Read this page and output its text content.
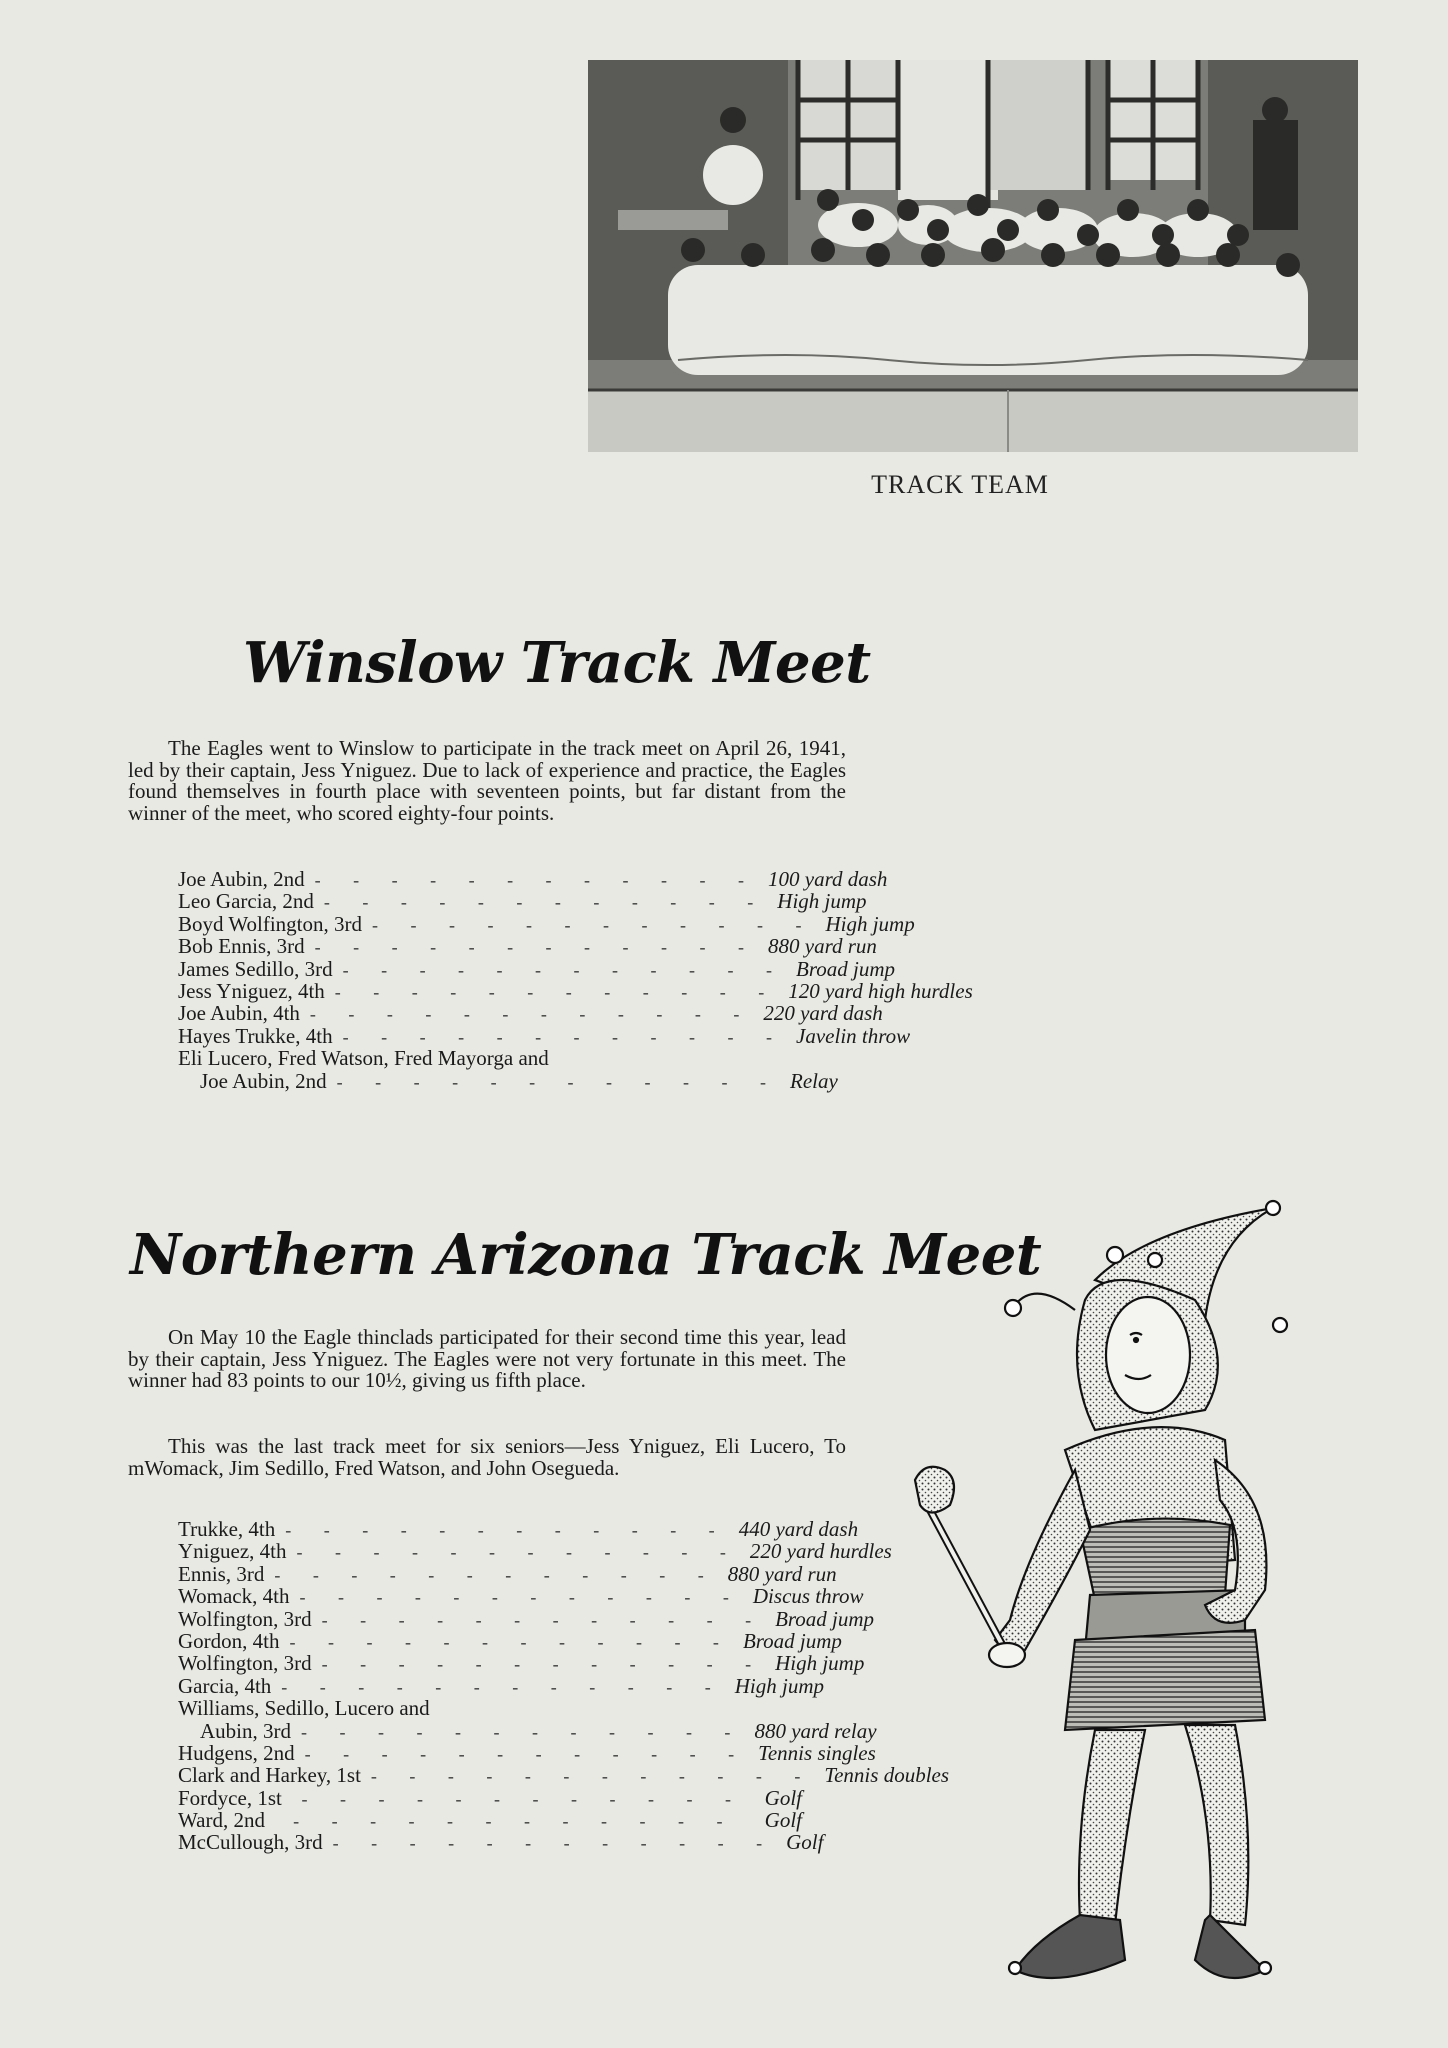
TRACK TEAM
Winslow Track Meet

The Eagles went to Winslow to participate in the track meet on April 26, 1941, led by their captain, Jess Yniguez. Due to lack of experience and practice, the Eagles found themselves in fourth place with seventeen points, but far distant from the winner of the meet, who scored eighty-four points.

Joe Aubin, 2nd - - - - - - - - - - - - 100 yard dash
Leo Garcia, 2nd - - - - - - - - - - - - High jump
Boyd Wolfington, 3rd - - - - - - - - - - - - High jump
Bob Ennis, 3rd - - - - - - - - - - - - 880 yard run
James Sedillo, 3rd - - - - - - - - - - - - Broad jump
Jess Yniguez, 4th - - - - - - - - - - - - 120 yard high hurdles
Joe Aubin, 4th - - - - - - - - - - - - 220 yard dash
Hayes Trukke, 4th - - - - - - - - - - - - Javelin throw
Eli Lucero, Fred Watson, Fred Mayorga and
Joe Aubin, 2nd - - - - - - - - - - - - Relay
Northern Arizona Track Meet

On May 10 the Eagle thinclads participated for their second time this year, lead by their captain, Jess Yniguez. The Eagles were not very fortunate in this meet. The winner had 83 points to our 10½, giving us fifth place.

This was the last track meet for six seniors—Jess Yniguez, Eli Lucero, To mWomack, Jim Sedillo, Fred Watson, and John Osegueda.

Trukke, 4th - - - - - - - - - - - - 440 yard dash
Yniguez, 4th - - - - - - - - - - - - 220 yard hurdles
Ennis, 3rd - - - - - - - - - - - - 880 yard run
Womack, 4th - - - - - - - - - - - - Discus throw
Wolfington, 3rd - - - - - - - - - - - - Broad jump
Gordon, 4th - - - - - - - - - - - - Broad jump
Wolfington, 3rd - - - - - - - - - - - - High jump
Garcia, 4th - - - - - - - - - - - - High jump
Williams, Sedillo, Lucero and
Aubin, 3rd - - - - - - - - - - - - 880 yard relay
Hudgens, 2nd - - - - - - - - - - - - Tennis singles
Clark and Harkey, 1st - - - - - - - - - - - - Tennis doubles
Fordyce, 1st	- - - - - - - - - - - - Golf
Ward, 2nd	- - - - - - - - - - - -	Golf
McCullough, 3rd - - - - - - - - - - - - Golf
